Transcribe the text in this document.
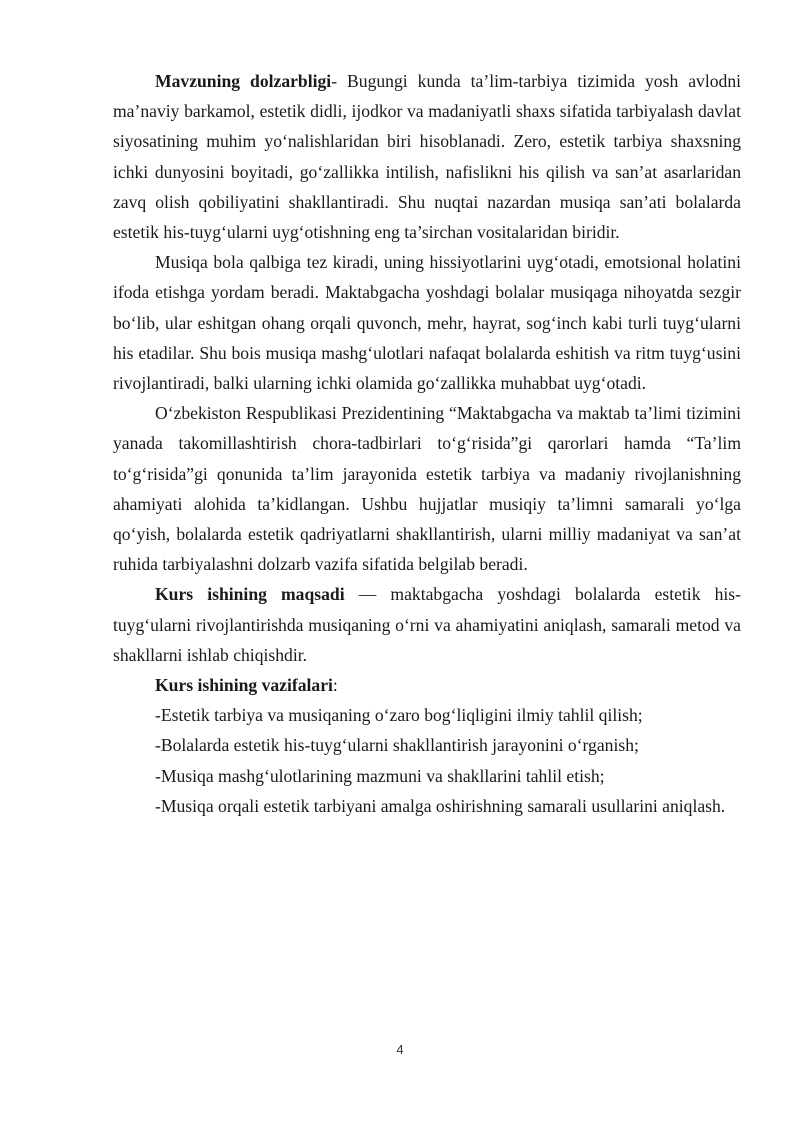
Mavzuning dolzarbligi- Bugungi kunda ta’lim-tarbiya tizimida yosh avlodni ma’naviy barkamol, estetik didli, ijodkor va madaniyatli shaxs sifatida tarbiyalash davlat siyosatining muhim yo‘nalishlaridan biri hisoblanadi. Zero, estetik tarbiya shaxsning ichki dunyosini boyitadi, go‘zallikka intilish, nafislikni his qilish va san’at asarlaridan zavq olish qobiliyatini shakllantiradi. Shu nuqtai nazardan musiqa san’ati bolalarda estetik his-tuyg‘ularni uyg‘otishning eng ta’sirchan vositalaridan biridir.

Musiqa bola qalbiga tez kiradi, uning hissiyotlarini uyg‘otadi, emotsional holatini ifoda etishga yordam beradi. Maktabgacha yoshdagi bolalar musiqaga nihoyatda sezgir bo‘lib, ular eshitgan ohang orqali quvonch, mehr, hayrat, sog‘inch kabi turli tuyg‘ularni his etadilar. Shu bois musiqa mashg‘ulotlari nafaqat bolalarda eshitish va ritm tuyg‘usini rivojlantiradi, balki ularning ichki olamida go‘zallikka muhabbat uyg‘otadi.

O‘zbekiston Respublikasi Prezidentining “Maktabgacha va maktab ta’limi tizimini yanada takomillashtirish chora-tadbirlari to‘g‘risida”gi qarorlari hamda “Ta’lim to‘g‘risida”gi qonunida ta’lim jarayonida estetik tarbiya va madaniy rivojlanishning ahamiyati alohida ta’kidlangan. Ushbu hujjatlar musiqiy ta’limni samarali yo‘lga qo‘yish, bolalarda estetik qadriyatlarni shakllantirish, ularni milliy madaniyat va san’at ruhida tarbiyalashni dolzarb vazifa sifatida belgilab beradi.

Kurs ishining maqsadi — maktabgacha yoshdagi bolalarda estetik his-tuyg‘ularni rivojlantirishda musiqaning o‘rni va ahamiyatini aniqlash, samarali metod va shakllarni ishlab chiqishdir.

Kurs ishining vazifalari:

-Estetik tarbiya va musiqaning o‘zaro bog‘liqligini ilmiy tahlil qilish;

-Bolalarda estetik his-tuyg‘ularni shakllantirish jarayonini o‘rganish;

-Musiqa mashg‘ulotlarining mazmuni va shakllarini tahlil etish;

-Musiqa orqali estetik tarbiyani amalga oshirishning samarali usullarini aniqlash.

4
